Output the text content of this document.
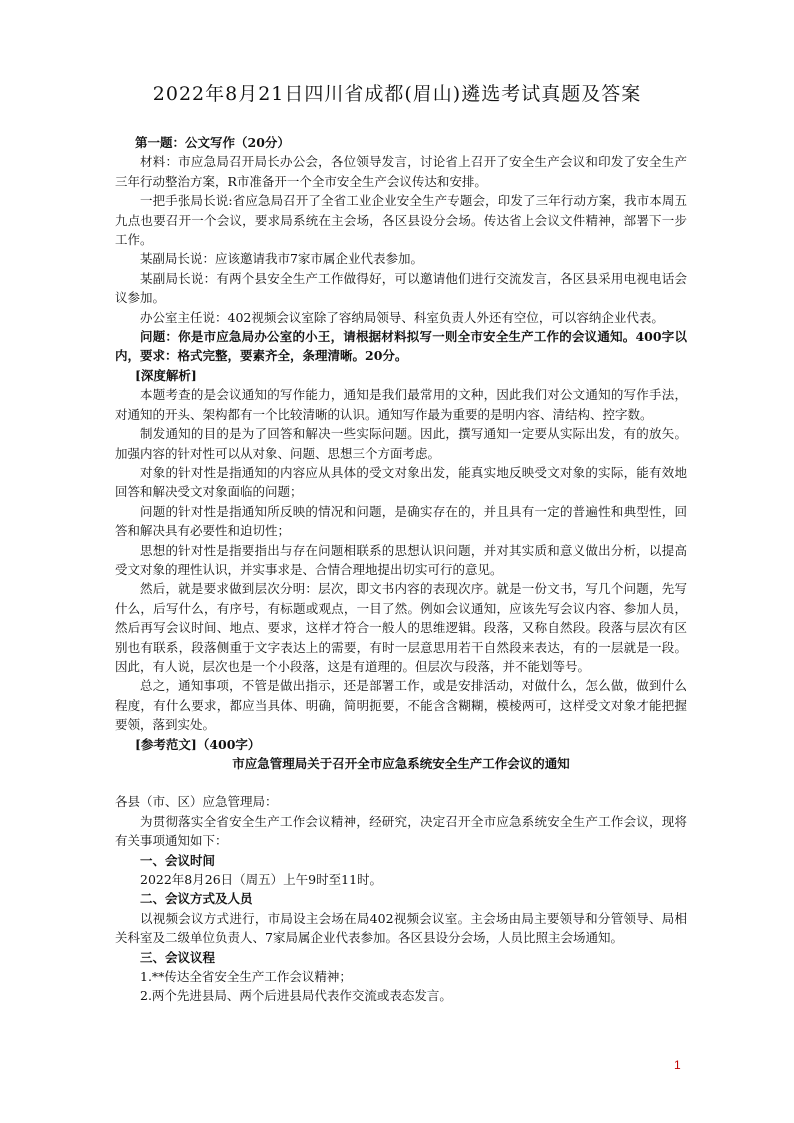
2022年8月21日四川省成都(眉山)遴选考试真题及答案

第一题：公文写作（20分）

材料：市应急局召开局长办公会，各位领导发言，讨论省上召开了安全生产会议和印发了安全生产三年行动整治方案，R市准备开一个全市安全生产会议传达和安排。

一把手张局长说:省应急局召开了全省工业企业安全生产专题会，印发了三年行动方案，我市本周五九点也要召开一个会议，要求局系统在主会场，各区县设分会场。传达省上会议文件精神，部署下一步工作。

某副局长说：应该邀请我市7家市属企业代表参加。

某副局长说：有两个县安全生产工作做得好，可以邀请他们进行交流发言，各区县采用电视电话会议参加。

办公室主任说：402视频会议室除了容纳局领导、科室负责人外还有空位，可以容纳企业代表。

问题：你是市应急局办公室的小王，请根据材料拟写一则全市安全生产工作的会议通知。400字以内，要求：格式完整，要素齐全，条理清晰。20分。

[深度解析]

本题考查的是会议通知的写作能力，通知是我们最常用的文种，因此我们对公文通知的写作手法，对通知的开头、架构都有一个比较清晰的认识。通知写作最为重要的是明内容、清结构、控字数。

制发通知的目的是为了回答和解决一些实际问题。因此，撰写通知一定要从实际出发，有的放矢。加强内容的针对性可以从对象、问题、思想三个方面考虑。

对象的针对性是指通知的内容应从具体的受文对象出发，能真实地反映受文对象的实际，能有效地回答和解决受文对象面临的问题；

问题的针对性是指通知所反映的情况和问题，是确实存在的，并且具有一定的普遍性和典型性，回答和解决具有必要性和迫切性；

思想的针对性是指要指出与存在问题相联系的思想认识问题，并对其实质和意义做出分析，以提高受文对象的理性认识，并实事求是、合情合理地提出切实可行的意见。

然后，就是要求做到层次分明：层次，即文书内容的表现次序。就是一份文书，写几个问题，先写什么，后写什么，有序号，有标题或观点，一目了然。例如会议通知，应该先写会议内容、参加人员，然后再写会议时间、地点、要求，这样才符合一般人的思维逻辑。段落，又称自然段。段落与层次有区别也有联系，段落侧重于文字表达上的需要，有时一层意思用若干自然段来表达，有的一层就是一段。因此，有人说，层次也是一个小段落，这是有道理的。但层次与段落，并不能划等号。

总之，通知事项，不管是做出指示，还是部署工作，或是安排活动，对做什么，怎么做，做到什么程度，有什么要求，都应当具体、明确，简明扼要，不能含含糊糊，模棱两可，这样受文对象才能把握要领，落到实处。

[参考范文]（400字）

市应急管理局关于召开全市应急系统安全生产工作会议的通知

各县（市、区）应急管理局：

为贯彻落实全省安全生产工作会议精神，经研究，决定召开全市应急系统安全生产工作会议，现将有关事项通知如下：

一、会议时间

2022年8月26日（周五）上午9时至11时。

二、会议方式及人员

以视频会议方式进行，市局设主会场在局402视频会议室。主会场由局主要领导和分管领导、局相关科室及二级单位负责人、7家局属企业代表参加。各区县设分会场，人员比照主会场通知。

三、会议议程

1.**传达全省安全生产工作会议精神；

2.两个先进县局、两个后进县局代表作交流或表态发言。

1
